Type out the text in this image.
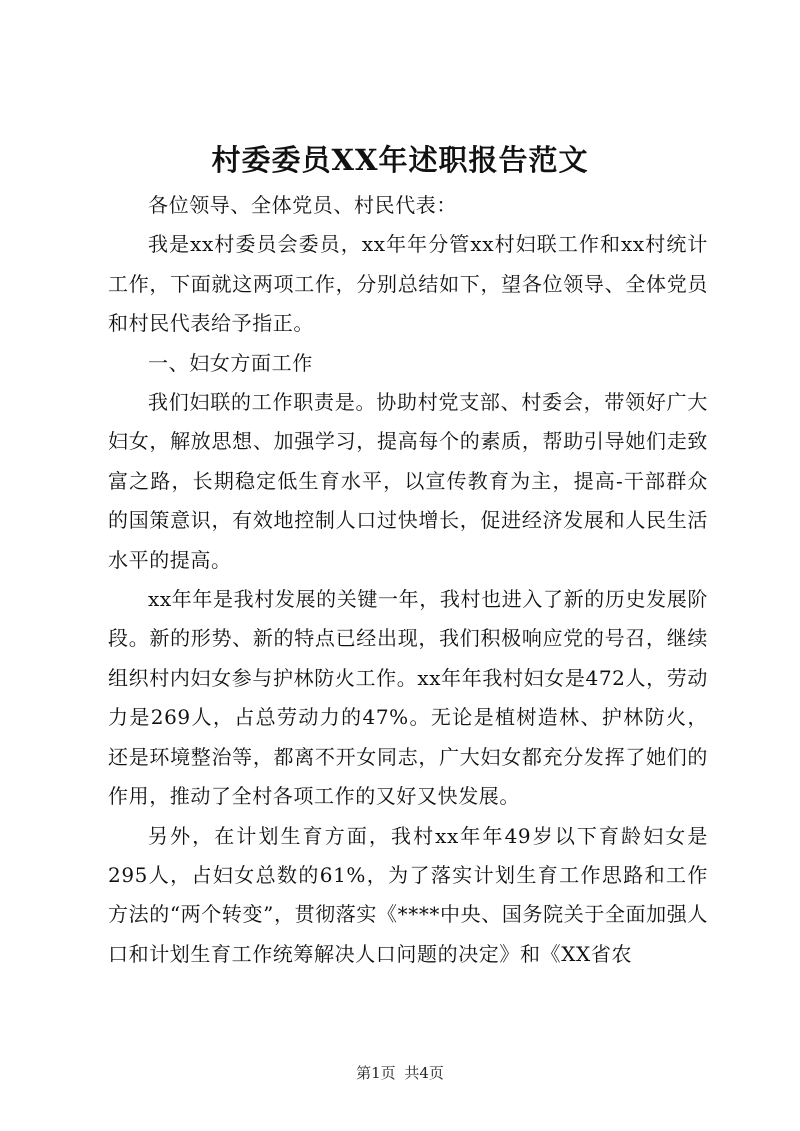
村委委员XX年述职报告范文

各位领导、全体党员、村民代表：

我是xx村委员会委员，xx年年分管xx村妇联工作和xx村统计工作，下面就这两项工作，分别总结如下，望各位领导、全体党员和村民代表给予指正。

一、妇女方面工作

我们妇联的工作职责是。协助村党支部、村委会，带领好广大妇女，解放思想、加强学习，提高每个的素质，帮助引导她们走致富之路，长期稳定低生育水平，以宣传教育为主，提高-干部群众的国策意识，有效地控制人口过快增长，促进经济发展和人民生活水平的提高。

xx年年是我村发展的关键一年，我村也进入了新的历史发展阶段。新的形势、新的特点已经出现，我们积极响应党的号召，继续组织村内妇女参与护林防火工作。xx年年我村妇女是472人，劳动力是269人，占总劳动力的47%。无论是植树造林、护林防火，还是环境整治等，都离不开女同志，广大妇女都充分发挥了她们的作用，推动了全村各项工作的又好又快发展。

另外，在计划生育方面，我村xx年年49岁以下育龄妇女是295人，占妇女总数的61%，为了落实计划生育工作思路和工作方法的“两个转变”，贯彻落实《****中央、国务院关于全面加强人口和计划生育工作统筹解决人口问题的决定》和《XX省农

第1页 共4页
